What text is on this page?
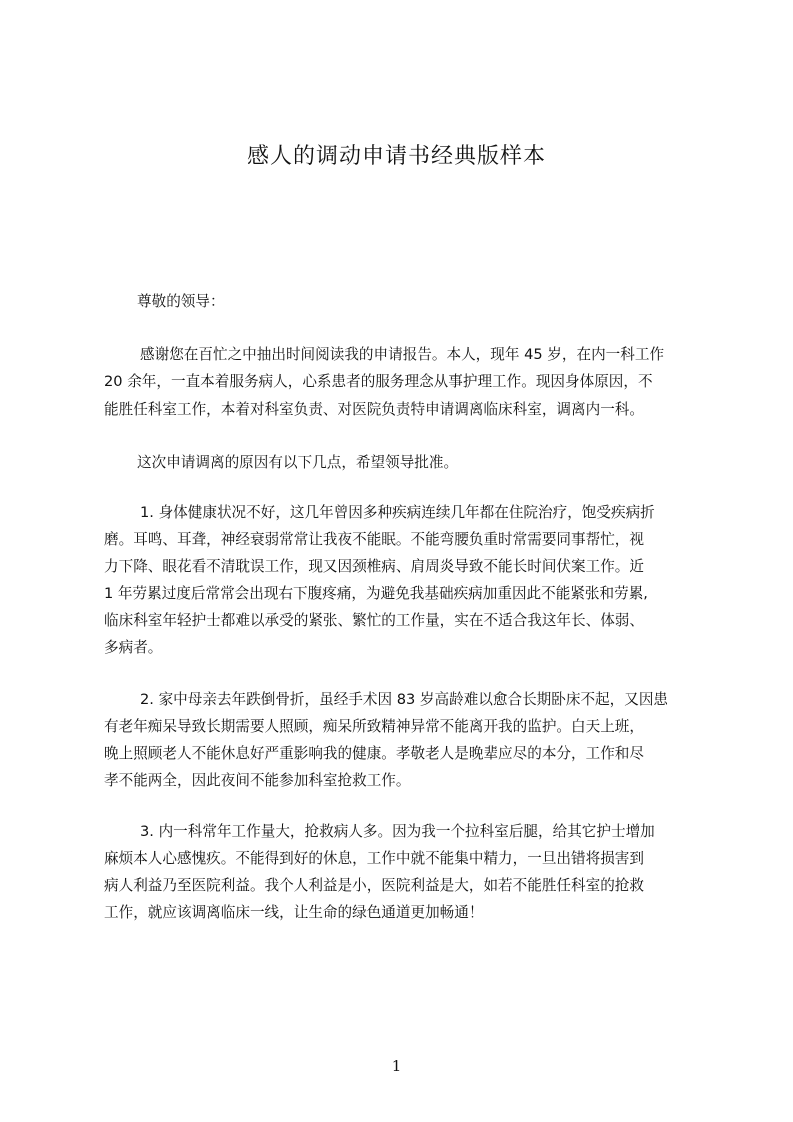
感人的调动申请书经典版样本
尊敬的领导：
感谢您在百忙之中抽出时间阅读我的申请报告。本人，现年 45 岁，在内一科工作
20 余年，一直本着服务病人，心系患者的服务理念从事护理工作。现因身体原因，不
能胜任科室工作，本着对科室负责、对医院负责特申请调离临床科室，调离内一科。
这次申请调离的原因有以下几点，希望领导批准。
1. 身体健康状况不好，这几年曾因多种疾病连续几年都在住院治疗，饱受疾病折
磨。耳鸣、耳聋，神经衰弱常常让我夜不能眠。不能弯腰负重时常需要同事帮忙，视
力下降、眼花看不清耽误工作，现又因颈椎病、肩周炎导致不能长时间伏案工作。近
1 年劳累过度后常常会出现右下腹疼痛，为避免我基础疾病加重因此不能紧张和劳累,
临床科室年轻护士都难以承受的紧张、繁忙的工作量，实在不适合我这年长、体弱、
多病者。
2. 家中母亲去年跌倒骨折，虽经手术因 83 岁高龄难以愈合长期卧床不起，又因患
有老年痴呆导致长期需要人照顾，痴呆所致精神异常不能离开我的监护。白天上班，
晚上照顾老人不能休息好严重影响我的健康。孝敬老人是晚辈应尽的本分，工作和尽
孝不能两全，因此夜间不能参加科室抢救工作。
3. 内一科常年工作量大，抢救病人多。因为我一个拉科室后腿，给其它护士增加
麻烦本人心感愧疚。不能得到好的休息，工作中就不能集中精力，一旦出错将损害到
病人利益乃至医院利益。我个人利益是小，医院利益是大，如若不能胜任科室的抢救
工作，就应该调离临床一线，让生命的绿色通道更加畅通！
1
